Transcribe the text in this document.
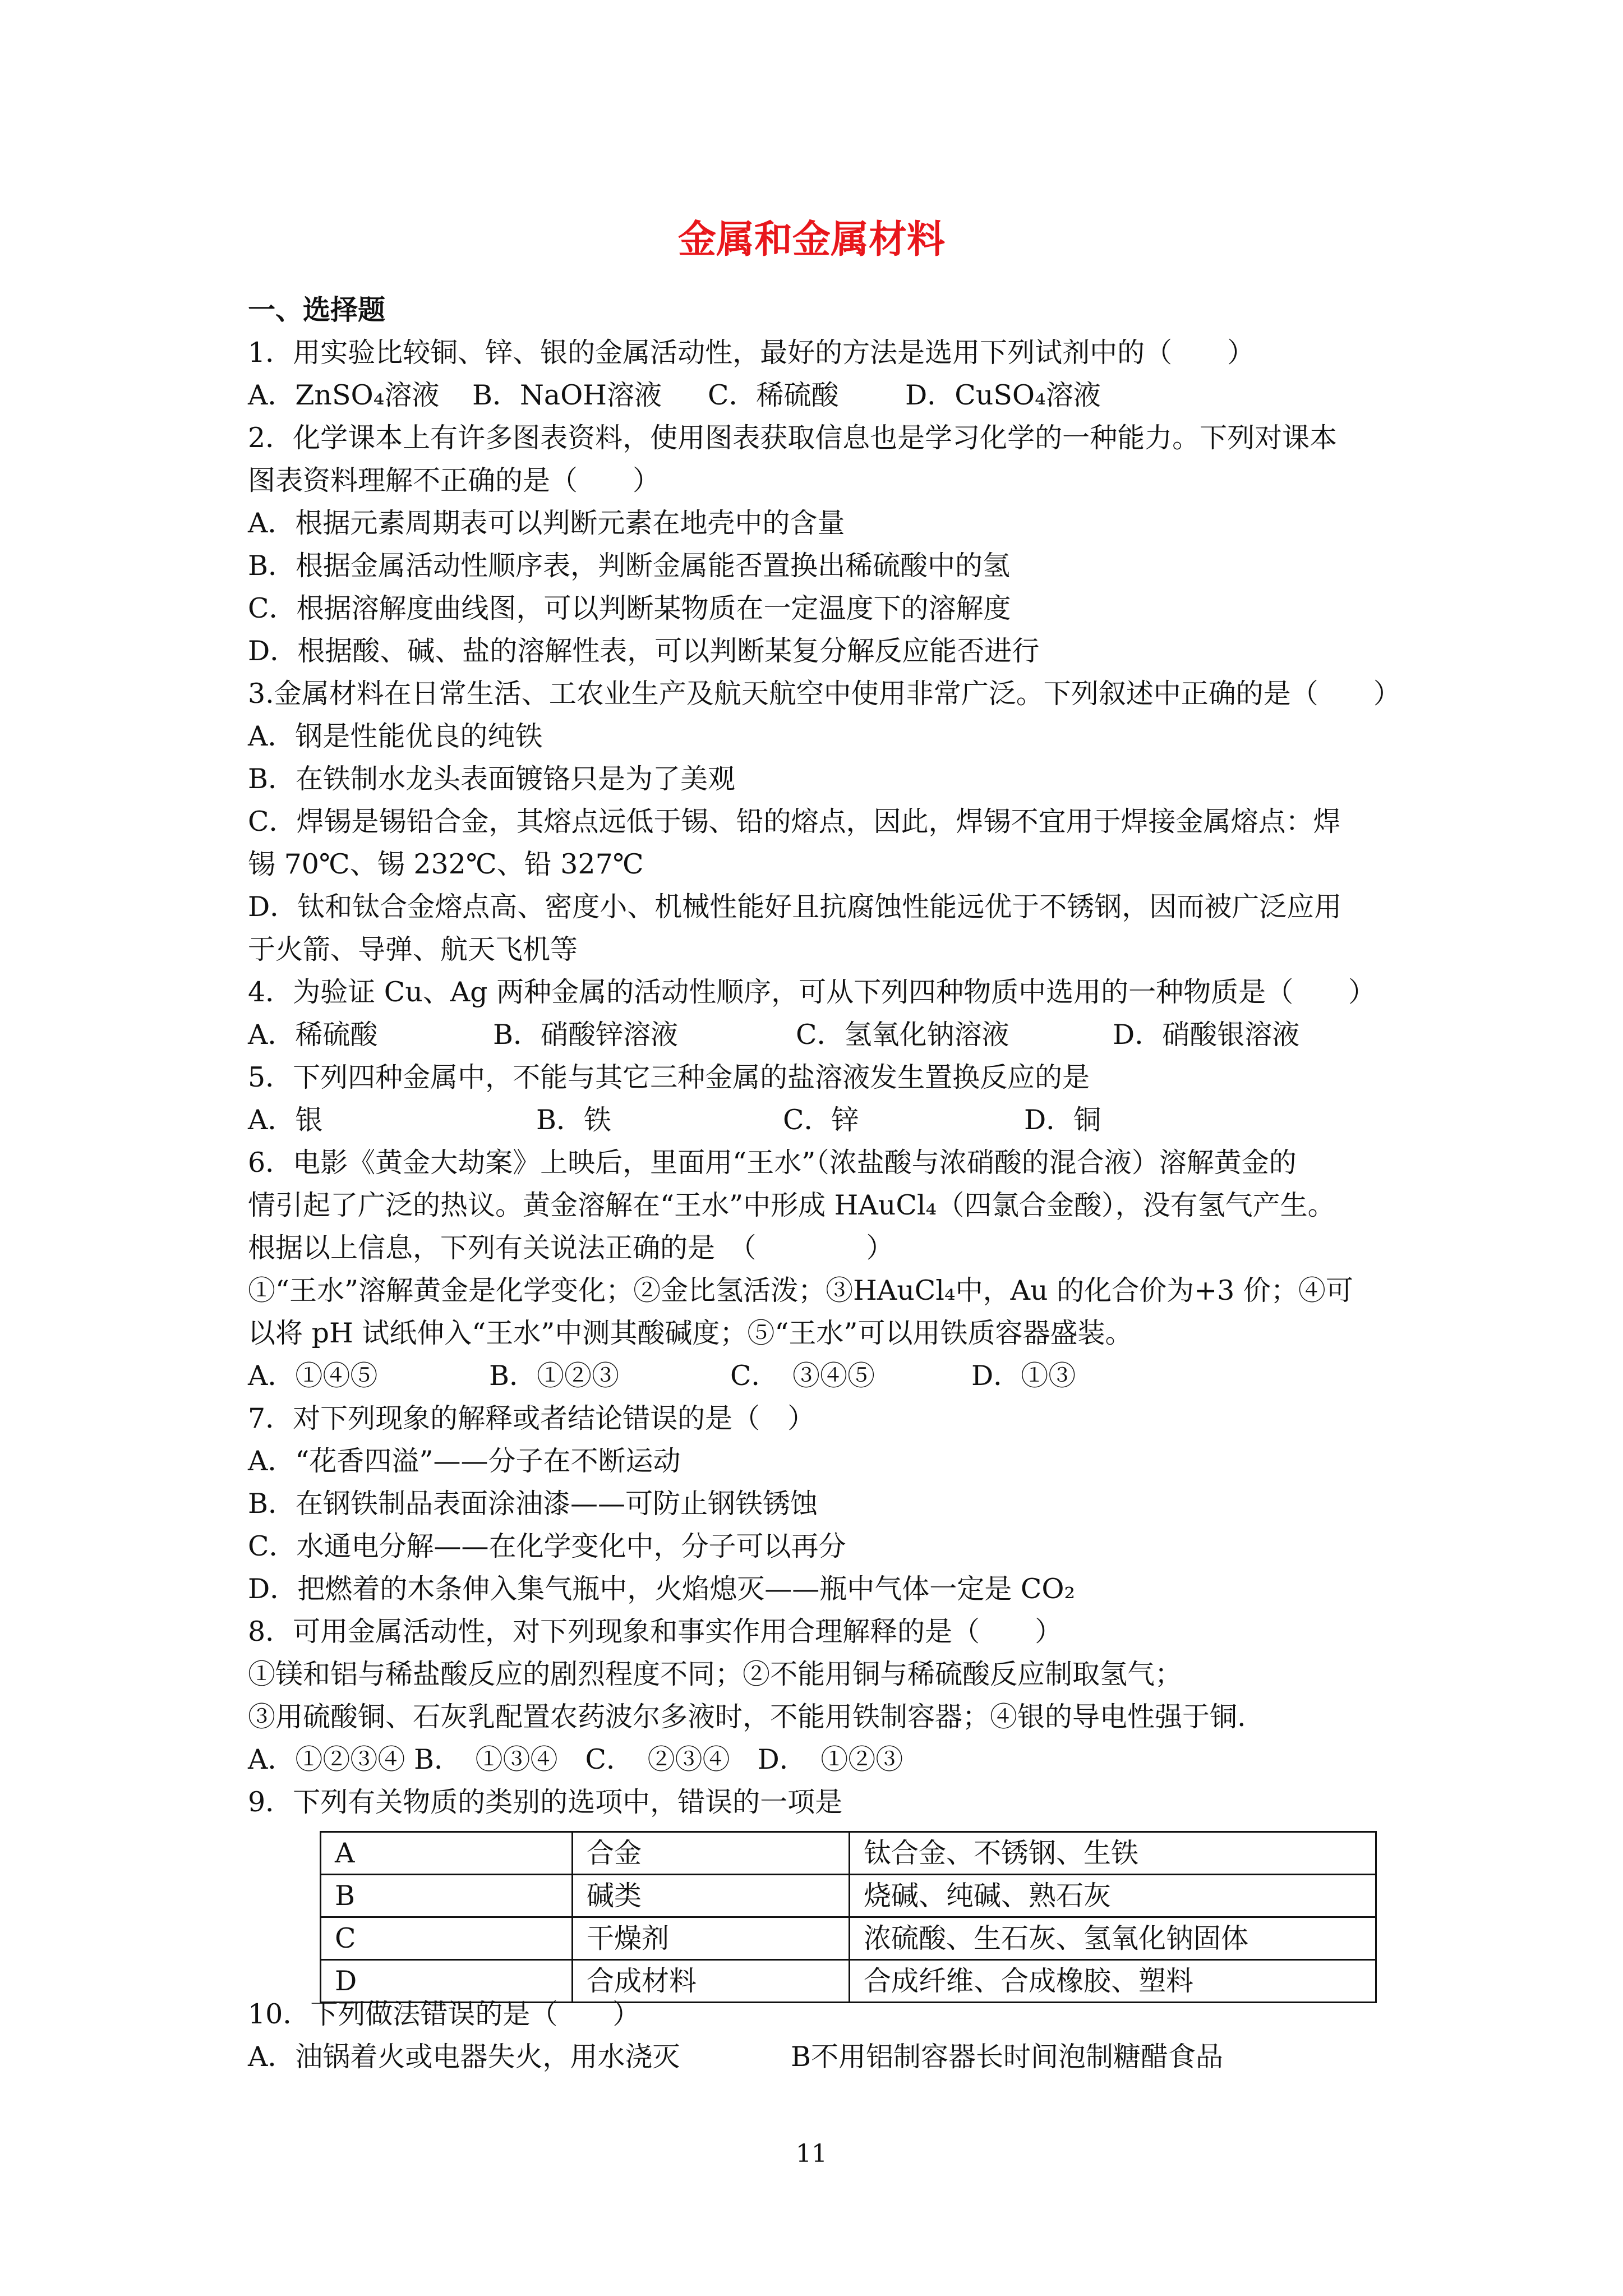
金属和金属材料
一、选择题
1．用实验比较铜、锌、银的金属活动性，最好的方法是选用下列试剂中的（　　）
A．ZnSO₄溶液 B．NaOH溶液 C．稀硫酸 D．CuSO₄溶液
2．化学课本上有许多图表资料，使用图表获取信息也是学习化学的一种能力。下列对课本
图表资料理解不正确的是（　　）
A．根据元素周期表可以判断元素在地壳中的含量
B．根据金属活动性顺序表，判断金属能否置换出稀硫酸中的氢
C．根据溶解度曲线图，可以判断某物质在一定温度下的溶解度
D．根据酸、碱、盐的溶解性表，可以判断某复分解反应能否进行
3.金属材料在日常生活、工农业生产及航天航空中使用非常广泛。下列叙述中正确的是（　　）
A．钢是性能优良的纯铁
B．在铁制水龙头表面镀铬只是为了美观
C．焊锡是锡铅合金，其熔点远低于锡、铅的熔点，因此，焊锡不宜用于焊接金属熔点：焊
锡 70℃、锡 232℃、铅 327℃
D．钛和钛合金熔点高、密度小、机械性能好且抗腐蚀性能远优于不锈钢，因而被广泛应用
于火箭、导弹、航天飞机等
4．为验证 Cu、Ag 两种金属的活动性顺序，可从下列四种物质中选用的一种物质是（　　）
A．稀硫酸	B．硝酸锌溶液	C．氢氧化钠溶液	D．硝酸银溶液
5．下列四种金属中，不能与其它三种金属的盐溶液发生置换反应的是
A．银	B．铁	C．锌	D．铜
6．电影《黄金大劫案》上映后，里面用“王水”（浓盐酸与浓硝酸的混合液）溶解黄金的
情引起了广泛的热议。黄金溶解在“王水”中形成 HAuCl₄（四氯合金酸），没有氢气产生。
根据以上信息，下列有关说法正确的是　（　　　　）
①“王水”溶解黄金是化学变化；②金比氢活泼；③HAuCl₄中，Au 的化合价为+3 价；④可
以将 pH 试纸伸入“王水”中测其酸碱度；⑤“王水”可以用铁质容器盛装。
A．①④⑤	B．①②③	C．　③④⑤	D．①③
7．对下列现象的解释或者结论错误的是（　）
A．“花香四溢”——分子在不断运动
B．在钢铁制品表面涂油漆——可防止钢铁锈蚀
C．水通电分解——在化学变化中，分子可以再分
D．把燃着的木条伸入集气瓶中，火焰熄灭——瓶中气体一定是 CO₂
8．可用金属活动性，对下列现象和事实作用合理解释的是（　　）
①镁和铝与稀盐酸反应的剧烈程度不同；②不能用铜与稀硫酸反应制取氢气；
③用硫酸铜、石灰乳配置农药波尔多液时，不能用铁制容器；④银的导电性强于铜.
A．①②③④ B．　①③④　C．　②③④　D．　①②③
9．下列有关物质的类别的选项中，错误的一项是
A	合金	钛合金、不锈钢、生铁
B	碱类	烧碱、纯碱、熟石灰
C	干燥剂	浓硫酸、生石灰、氢氧化钠固体
D	合成材料	合成纤维、合成橡胶、塑料
10．下列做法错误的是（　　）
A．油锅着火或电器失火，用水浇灭	B不用铝制容器长时间泡制糖醋食品
11
